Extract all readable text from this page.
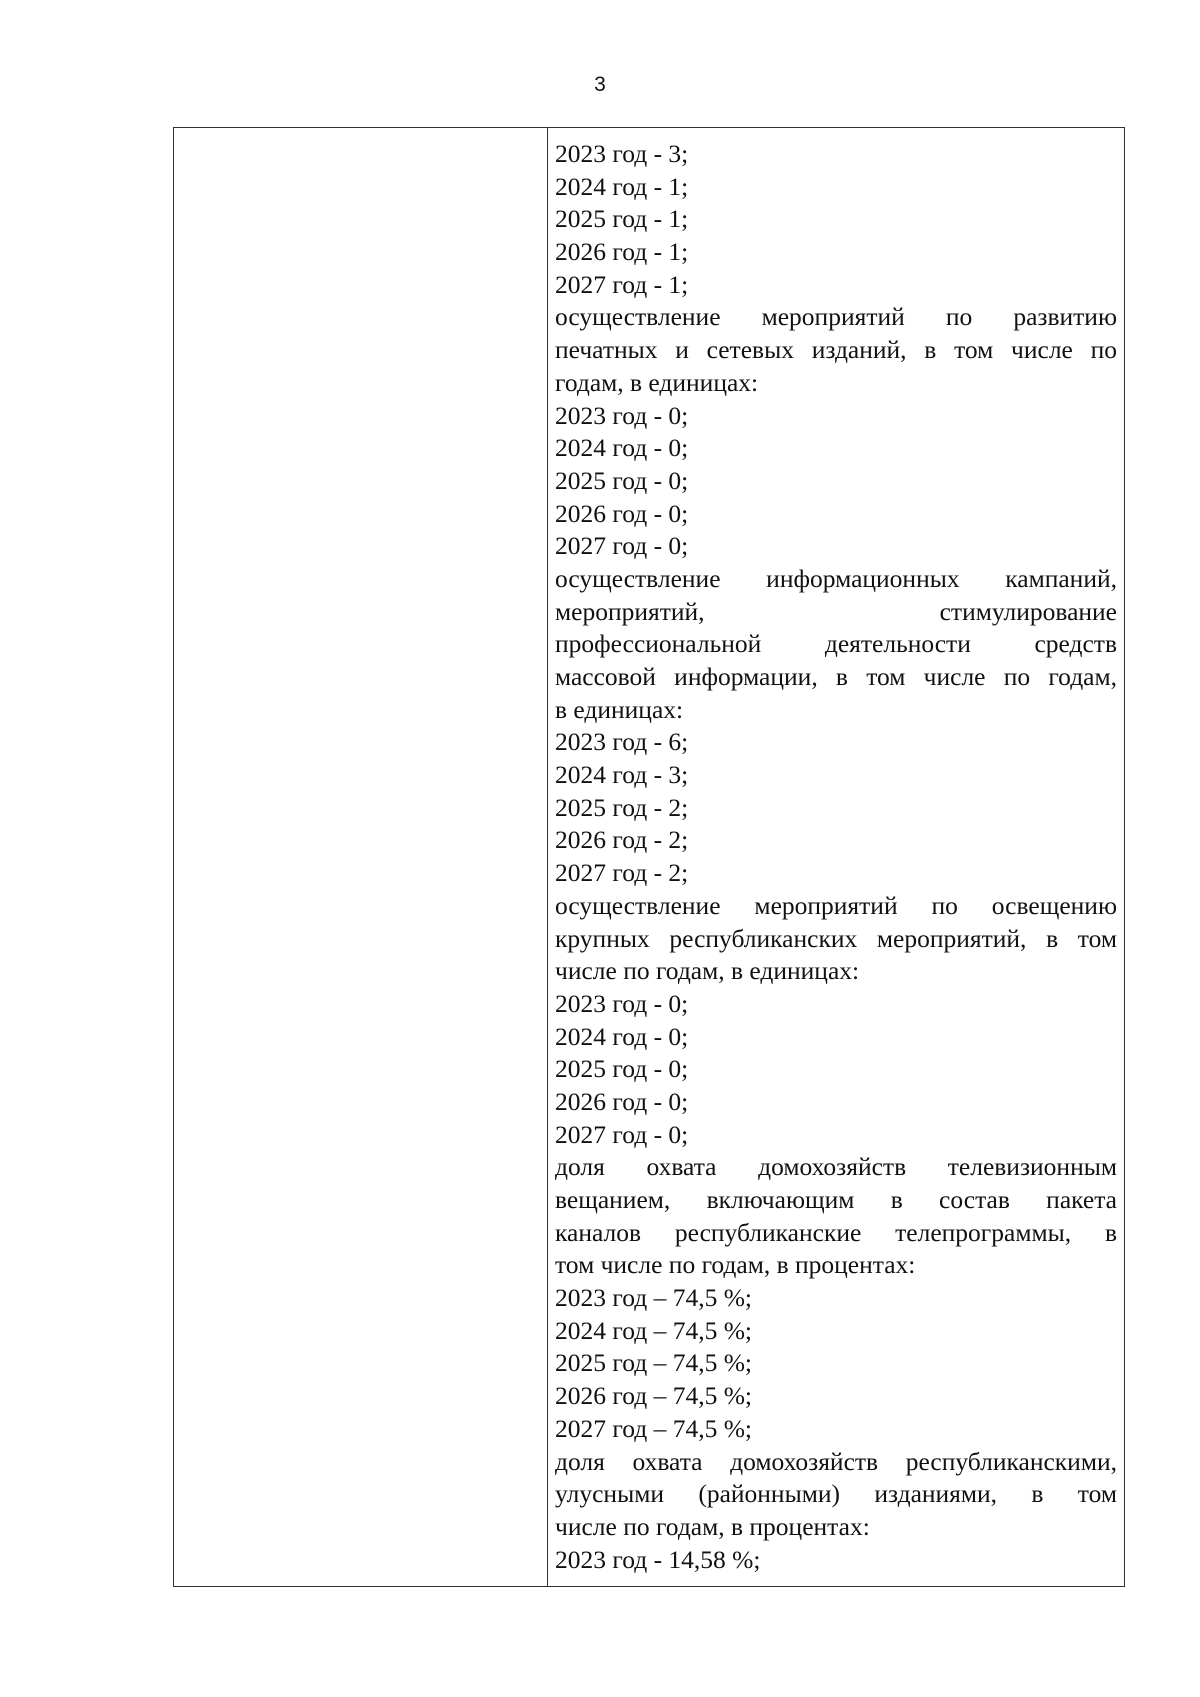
3
2023 год - 3;
2024 год - 1;
2025 год - 1;
2026 год - 1;
2027 год - 1;
осуществление мероприятий по развитию
печатных и сетевых изданий, в том числе по
годам, в единицах:
2023 год - 0;
2024 год - 0;
2025 год - 0;
2026 год - 0;
2027 год - 0;
осуществление информационных кампаний,
мероприятий, стимулирование
профессиональной деятельности средств
массовой информации, в том числе по годам,
в единицах:
2023 год - 6;
2024 год - 3;
2025 год - 2;
2026 год - 2;
2027 год - 2;
осуществление мероприятий по освещению
крупных республиканских мероприятий, в том
числе по годам, в единицах:
2023 год - 0;
2024 год - 0;
2025 год - 0;
2026 год - 0;
2027 год - 0;
доля охвата домохозяйств телевизионным
вещанием, включающим в состав пакета
каналов республиканские телепрограммы, в
том числе по годам, в процентах:
2023 год – 74,5 %;
2024 год – 74,5 %;
2025 год – 74,5 %;
2026 год – 74,5 %;
2027 год – 74,5 %;
доля охвата домохозяйств республиканскими,
улусными (районными) изданиями, в том
числе по годам, в процентах:
2023 год - 14,58 %;
